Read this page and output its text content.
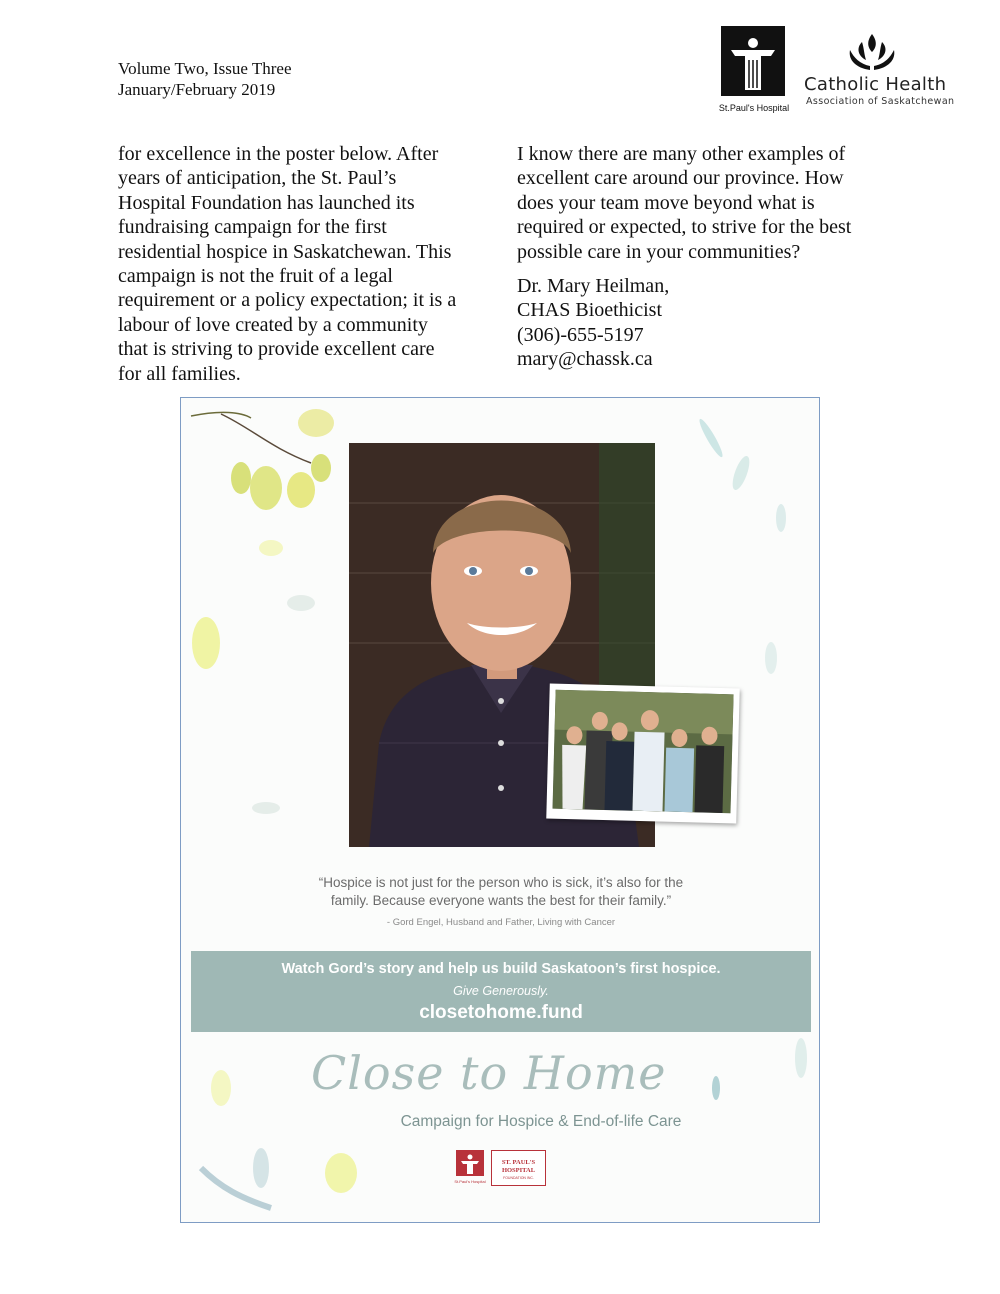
Volume Two, Issue Three
January/February 2019
St.Paul's Hospital
Catholic Health
Association of Saskatchewan
for excellence in the poster below. After
years of anticipation, the St. Paul’s
Hospital Foundation has launched its
fundraising campaign for the first
residential hospice in Saskatchewan. This
campaign is not the fruit of a legal
requirement or a policy expectation; it is a
labour of love created by a community
that is striving to provide excellent care
for all families.
I know there are many other examples of
excellent care around our province. How
does your team move beyond what is
required or expected, to strive for the best
possible care in your communities?
Dr. Mary Heilman,
CHAS Bioethicist
(306)-655-5197
mary@chassk.ca
“Hospice is not just for the person who is sick, it’s also for the
family. Because everyone wants the best for their family.”
- Gord Engel, Husband and Father, Living with Cancer
Watch Gord’s story and help us build Saskatoon’s first hospice.
Give Generously.
closetohome.fund
Close to Home
Campaign for Hospice & End-of-life Care
St.Paul's Hospital
ST. PAUL'S
HOSPITAL
FOUNDATION INC.
